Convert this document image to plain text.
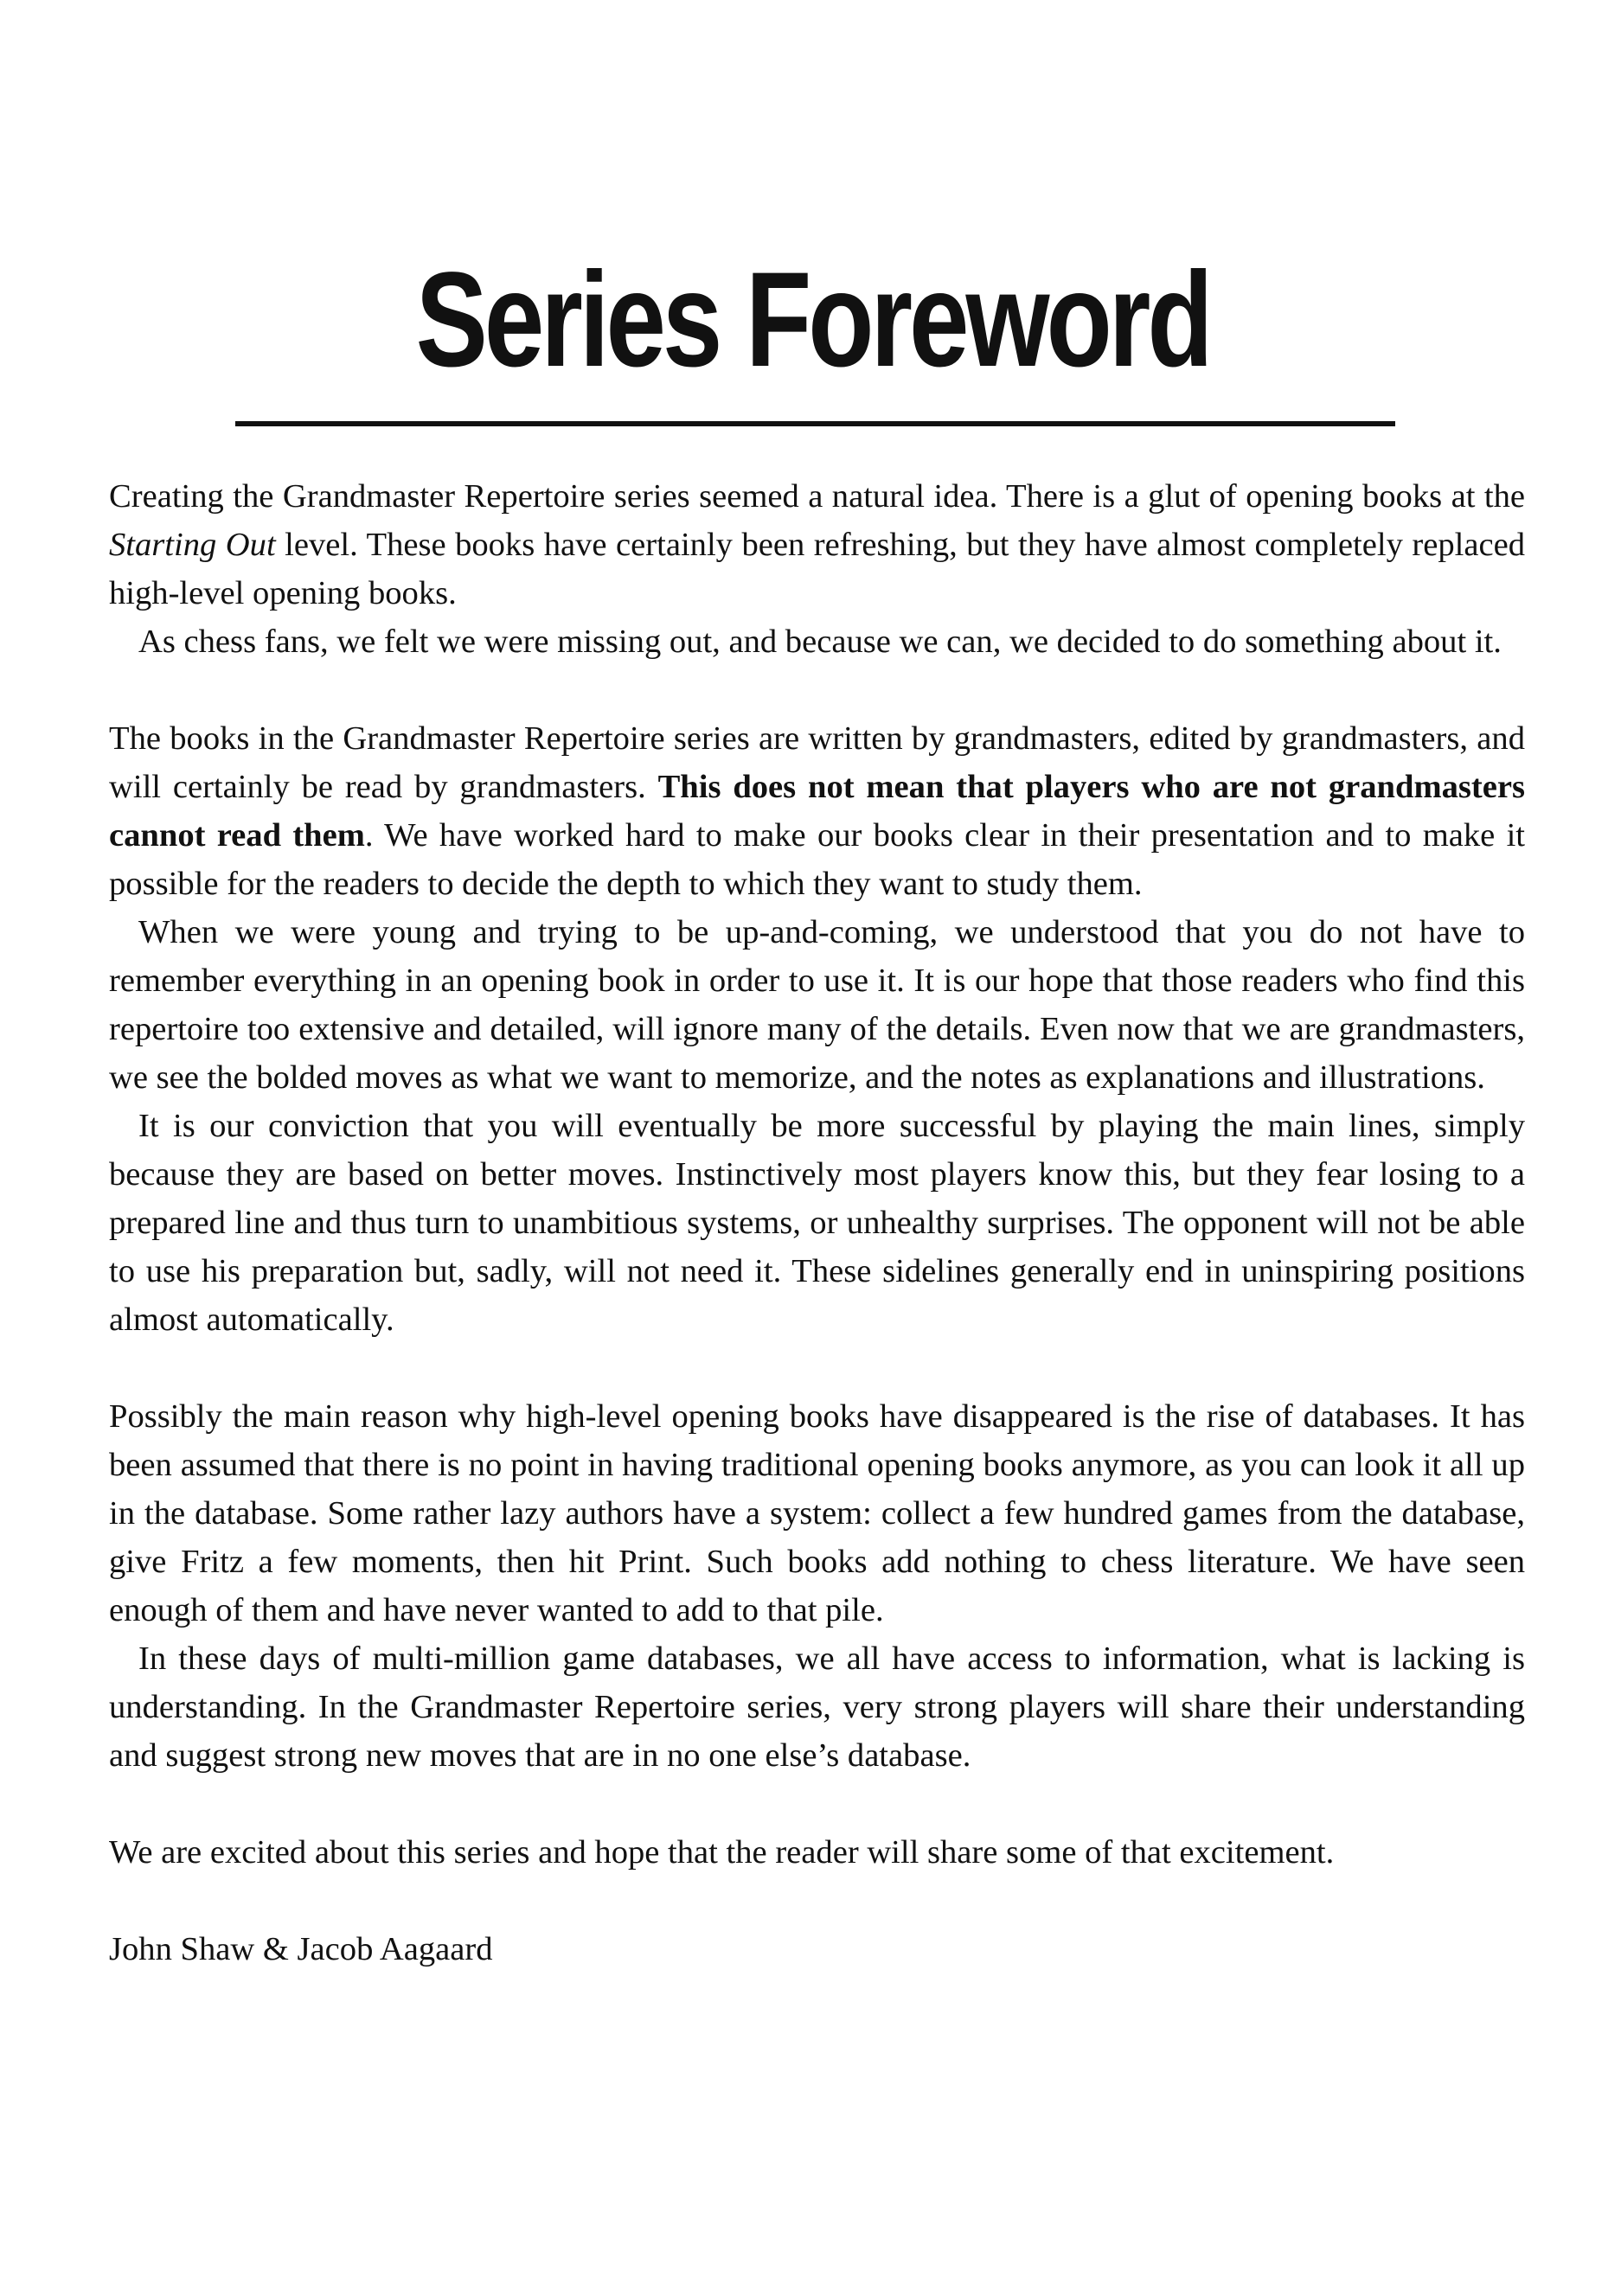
Series Foreword

Creating the Grandmaster Repertoire series seemed a natural idea. There is a glut of opening books at the Starting Out level. These books have certainly been refreshing, but they have almost completely replaced high-level opening books.

As chess fans, we felt we were missing out, and because we can, we decided to do something about it.

The books in the Grandmaster Repertoire series are written by grandmasters, edited by grandmasters, and will certainly be read by grandmasters. This does not mean that players who are not grandmasters cannot read them. We have worked hard to make our books clear in their presentation and to make it possible for the readers to decide the depth to which they want to study them.

When we were young and trying to be up-and-coming, we understood that you do not have to remember everything in an opening book in order to use it. It is our hope that those readers who find this repertoire too extensive and detailed, will ignore many of the details. Even now that we are grandmasters, we see the bolded moves as what we want to memorize, and the notes as explanations and illustrations.

It is our conviction that you will eventually be more successful by playing the main lines, simply because they are based on better moves. Instinctively most players know this, but they fear losing to a prepared line and thus turn to unambitious systems, or unhealthy surprises. The opponent will not be able to use his preparation but, sadly, will not need it. These sidelines generally end in uninspiring positions almost automatically.

Possibly the main reason why high-level opening books have disappeared is the rise of databases. It has been assumed that there is no point in having traditional opening books anymore, as you can look it all up in the database. Some rather lazy authors have a system: collect a few hundred games from the database, give Fritz a few moments, then hit Print. Such books add nothing to chess literature. We have seen enough of them and have never wanted to add to that pile.

In these days of multi-million game databases, we all have access to information, what is lacking is understanding. In the Grandmaster Repertoire series, very strong players will share their understanding and suggest strong new moves that are in no one else’s database.

We are excited about this series and hope that the reader will share some of that excitement.

John Shaw & Jacob Aagaard
